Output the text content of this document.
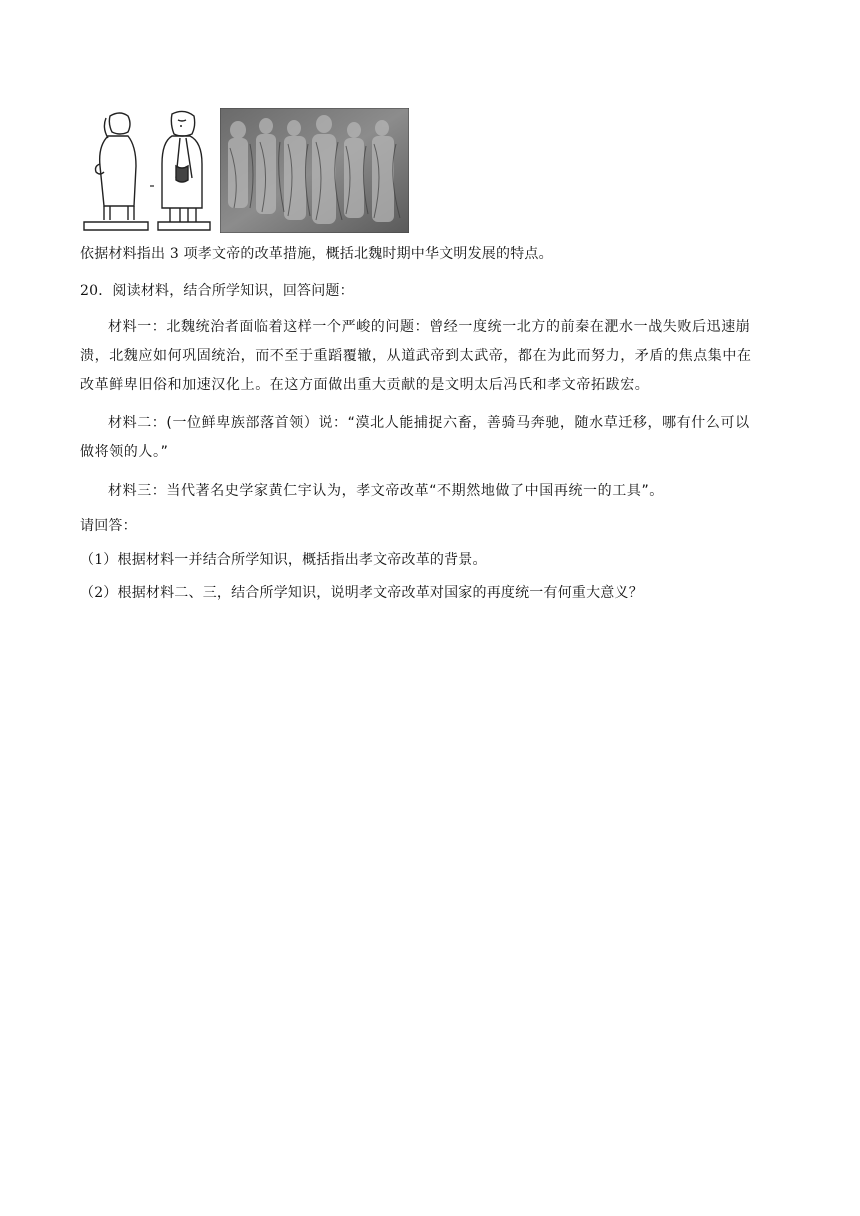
依据材料指出 3 项孝文帝的改革措施，概括北魏时期中华文明发展的特点。
20．阅读材料，结合所学知识，回答问题：
材料一：北魏统治者面临着这样一个严峻的问题：曾经一度统一北方的前秦在淝水一战失败后迅速崩
溃，北魏应如何巩固统治，而不至于重蹈覆辙，从道武帝到太武帝，都在为此而努力，矛盾的焦点集中在
改革鲜卑旧俗和加速汉化上。在这方面做出重大贡献的是文明太后冯氏和孝文帝拓跋宏。
材料二：(一位鲜卑族部落首领）说：“漠北人能捕捉六畜，善骑马奔驰，随水草迁移，哪有什么可以
做将领的人。”
材料三：当代著名史学家黄仁宇认为，孝文帝改革“不期然地做了中国再统一的工具”。
请回答：
（1）根据材料一并结合所学知识，概括指出孝文帝改革的背景。
（2）根据材料二、三，结合所学知识，说明孝文帝改革对国家的再度统一有何重大意义？
